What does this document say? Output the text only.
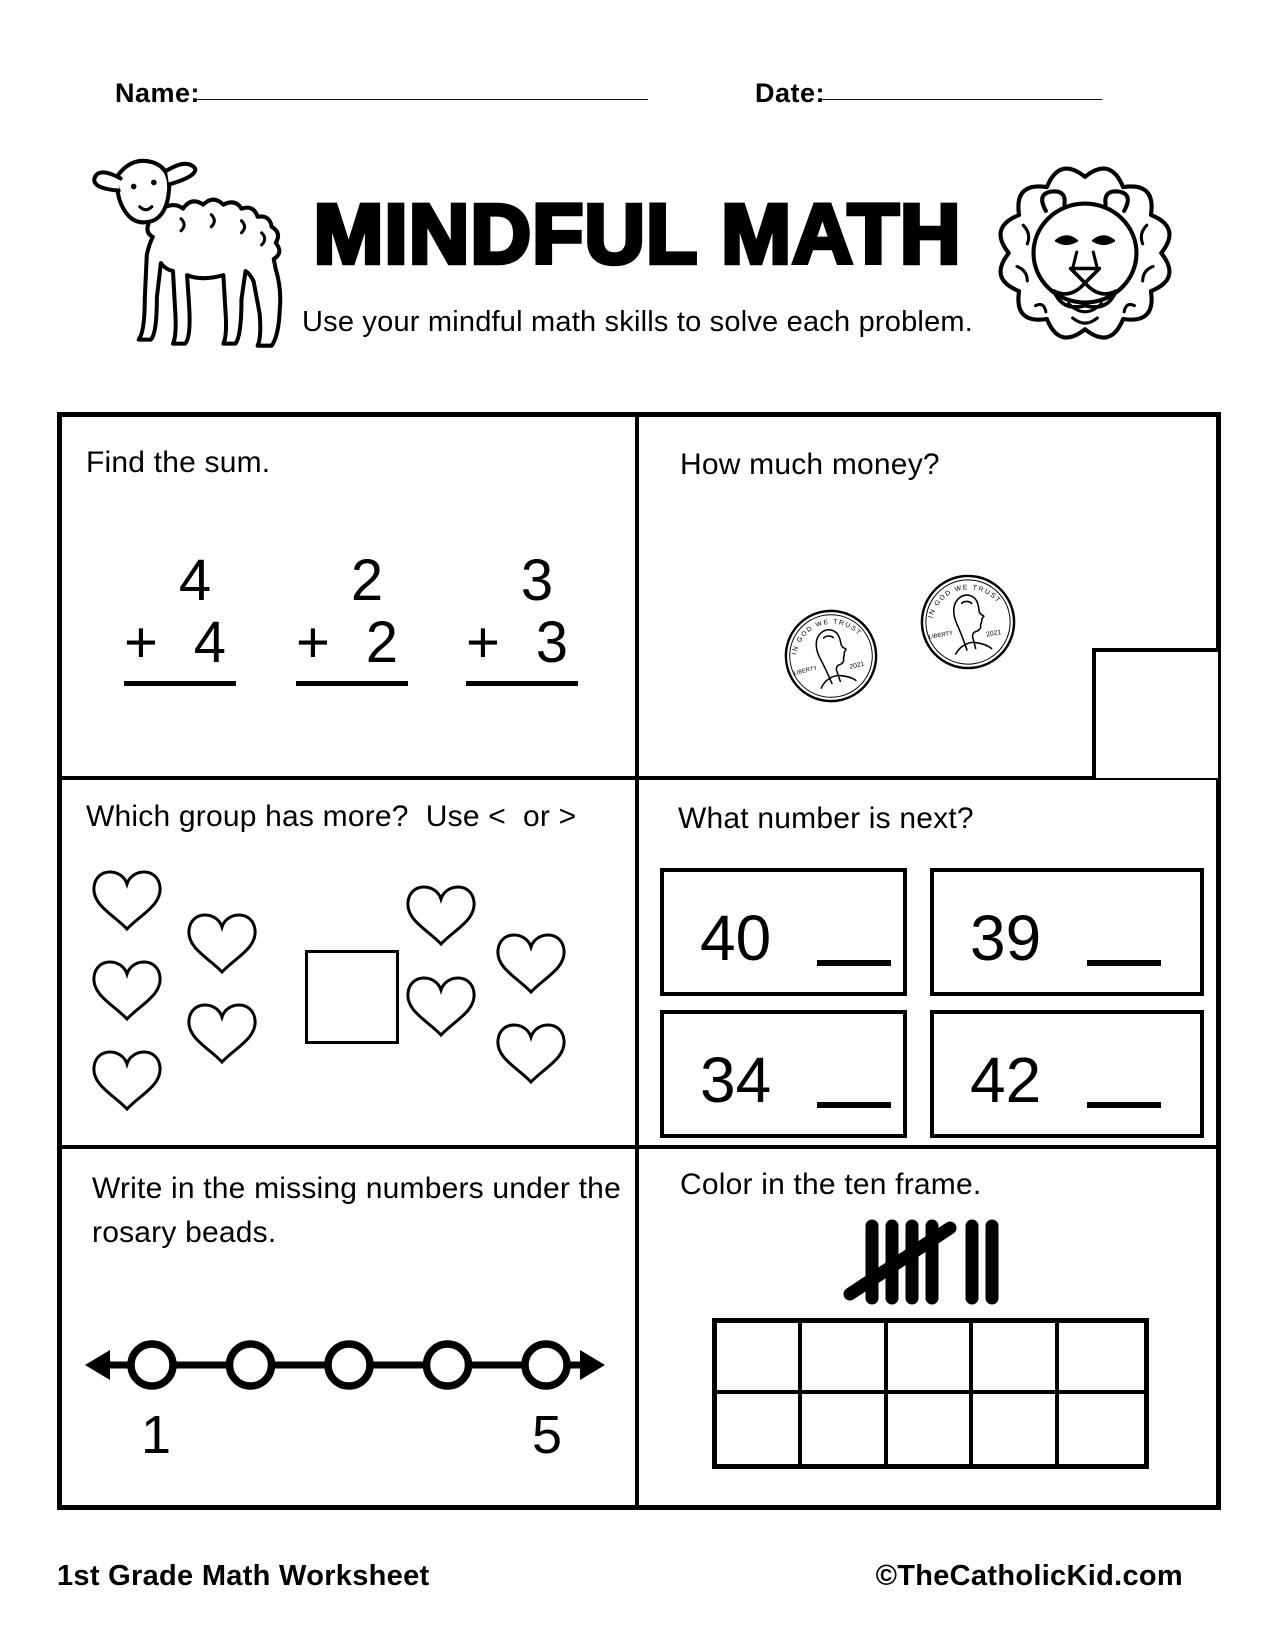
Name:
__________________________________	Date:
_____________________
MINDFUL MATH
Use your mindful math skills to solve each problem.
Find the sum.
4
+ 4
2
+ 2
3
+ 3
How much money?
IN GOD WE TRUST
LIBERTY	2021
IN GOD WE TRUST
LIBERTY	2021
Which group has more?  Use <  or >	What number is next?
40	39
34	42
Write in the missing numbers under the
rosary beads.
1	5
Color in the ten frame.
1st Grade Math Worksheet	©TheCatholicKid.com
